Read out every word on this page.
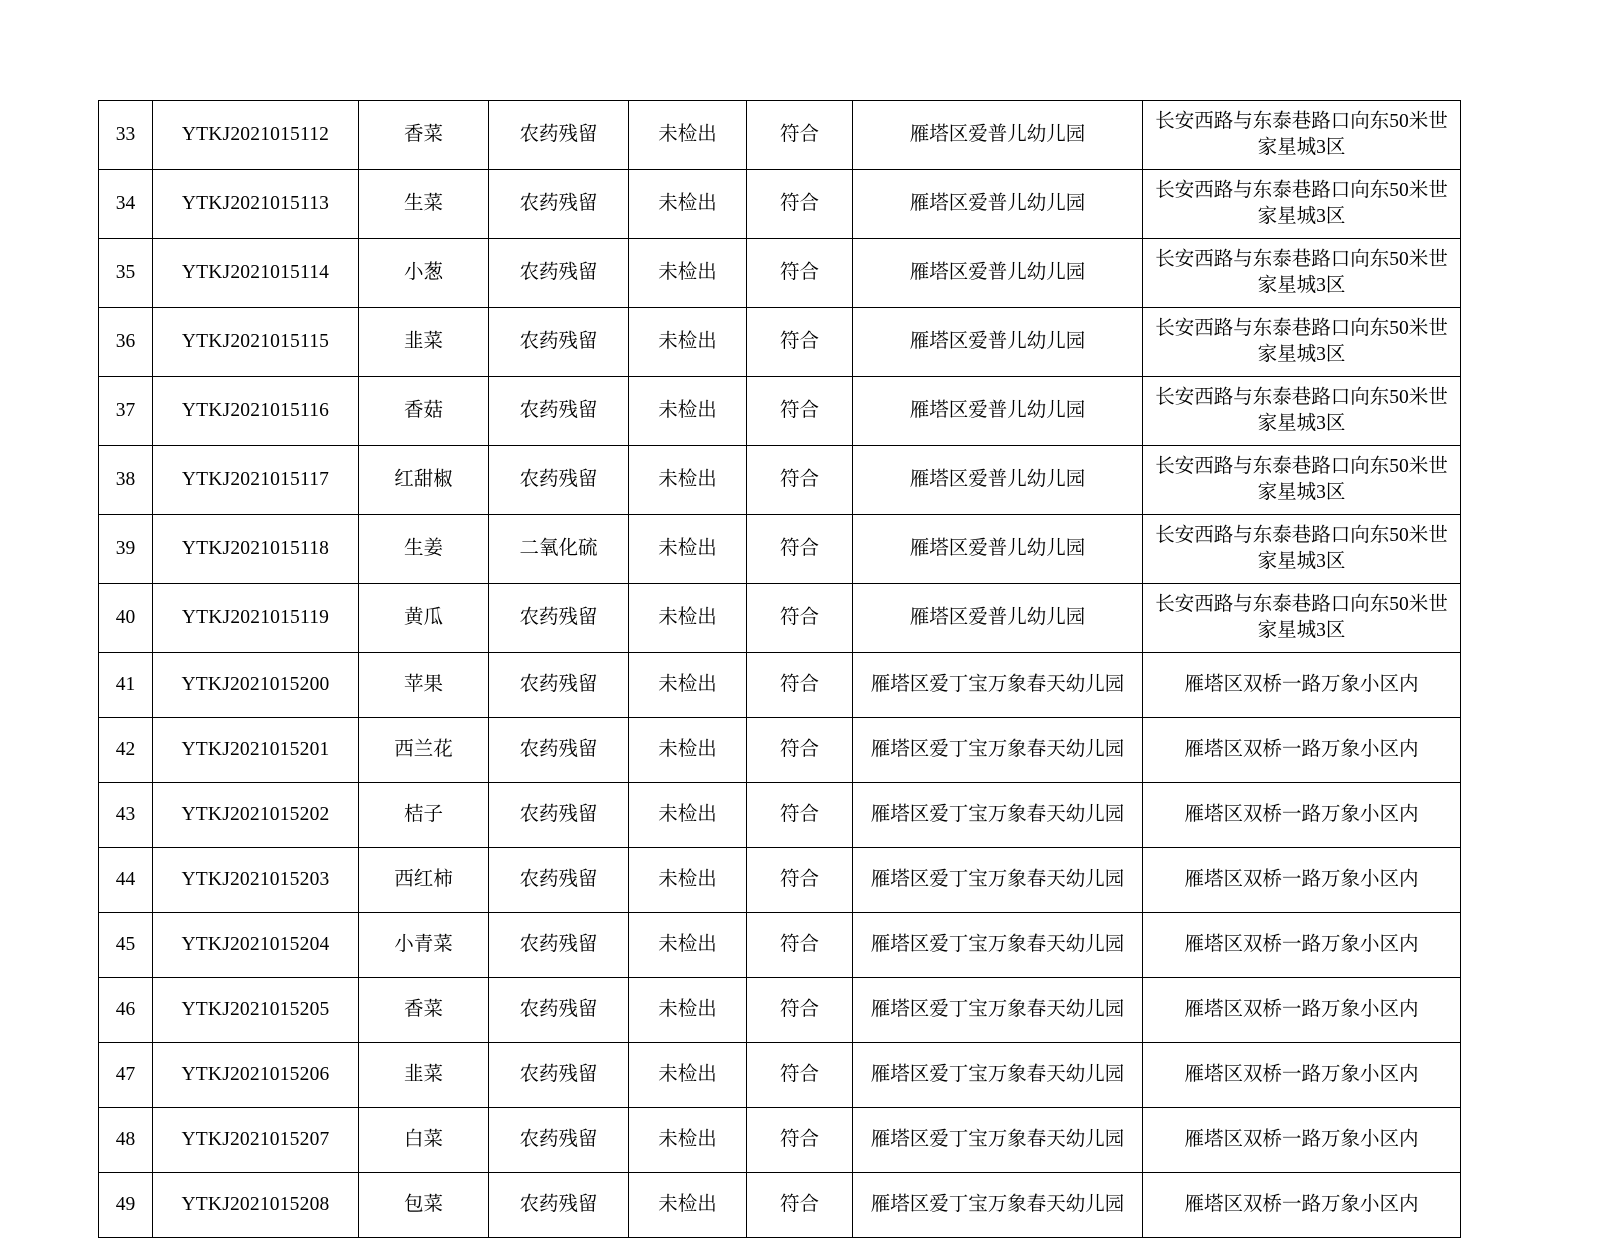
33	YTKJ2021015112	香菜	农药残留	未检出	符合	雁塔区爱普儿幼儿园	长安西路与东泰巷路口向东50米世家星城3区
34	YTKJ2021015113	生菜	农药残留	未检出	符合	雁塔区爱普儿幼儿园	长安西路与东泰巷路口向东50米世家星城3区
35	YTKJ2021015114	小葱	农药残留	未检出	符合	雁塔区爱普儿幼儿园	长安西路与东泰巷路口向东50米世家星城3区
36	YTKJ2021015115	韭菜	农药残留	未检出	符合	雁塔区爱普儿幼儿园	长安西路与东泰巷路口向东50米世家星城3区
37	YTKJ2021015116	香菇	农药残留	未检出	符合	雁塔区爱普儿幼儿园	长安西路与东泰巷路口向东50米世家星城3区
38	YTKJ2021015117	红甜椒	农药残留	未检出	符合	雁塔区爱普儿幼儿园	长安西路与东泰巷路口向东50米世家星城3区
39	YTKJ2021015118	生姜	二氧化硫	未检出	符合	雁塔区爱普儿幼儿园	长安西路与东泰巷路口向东50米世家星城3区
40	YTKJ2021015119	黄瓜	农药残留	未检出	符合	雁塔区爱普儿幼儿园	长安西路与东泰巷路口向东50米世家星城3区
41	YTKJ2021015200	苹果	农药残留	未检出	符合	雁塔区爱丁宝万象春天幼儿园	雁塔区双桥一路万象小区内
42	YTKJ2021015201	西兰花	农药残留	未检出	符合	雁塔区爱丁宝万象春天幼儿园	雁塔区双桥一路万象小区内
43	YTKJ2021015202	桔子	农药残留	未检出	符合	雁塔区爱丁宝万象春天幼儿园	雁塔区双桥一路万象小区内
44	YTKJ2021015203	西红柿	农药残留	未检出	符合	雁塔区爱丁宝万象春天幼儿园	雁塔区双桥一路万象小区内
45	YTKJ2021015204	小青菜	农药残留	未检出	符合	雁塔区爱丁宝万象春天幼儿园	雁塔区双桥一路万象小区内
46	YTKJ2021015205	香菜	农药残留	未检出	符合	雁塔区爱丁宝万象春天幼儿园	雁塔区双桥一路万象小区内
47	YTKJ2021015206	韭菜	农药残留	未检出	符合	雁塔区爱丁宝万象春天幼儿园	雁塔区双桥一路万象小区内
48	YTKJ2021015207	白菜	农药残留	未检出	符合	雁塔区爱丁宝万象春天幼儿园	雁塔区双桥一路万象小区内
49	YTKJ2021015208	包菜	农药残留	未检出	符合	雁塔区爱丁宝万象春天幼儿园	雁塔区双桥一路万象小区内
